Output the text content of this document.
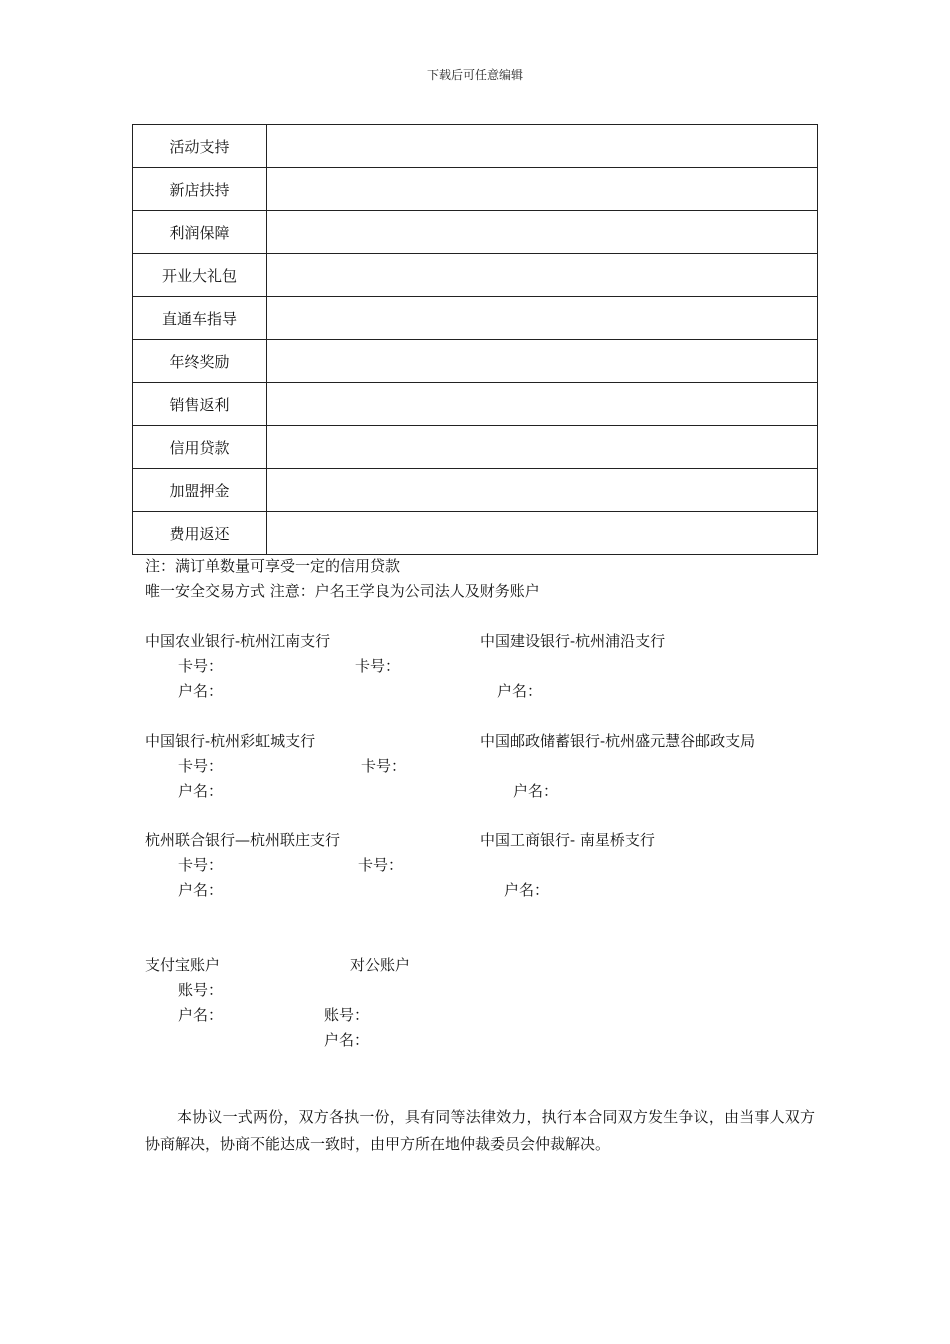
下载后可任意编辑
活动支持	
新店扶持	
利润保障	
开业大礼包	
直通车指导	
年终奖励	
销售返利	
信用贷款	
加盟押金	
费用返还	
注：满订单数量可享受一定的信用贷款
唯一安全交易方式 注意：户名王学良为公司法人及财务账户
中国农业银行-杭州江南支行	中国建设银行-杭州浦沿支行
卡号：	卡号：
户名：	户名：
中国银行-杭州彩虹城支行	中国邮政储蓄银行-杭州盛元慧谷邮政支局
卡号：	卡号：
户名：	户名：
杭州联合银行—杭州联庄支行	中国工商银行- 南星桥支行
卡号：	卡号：
户名：	户名：
支付宝账户	对公账户
账号：
户名：	账号：
户名：
本协议一式两份，双方各执一份，具有同等法律效力，执行本合同双方发生争议，由当事人双方协商解决，协商不能达成一致时，由甲方所在地仲裁委员会仲裁解决。
